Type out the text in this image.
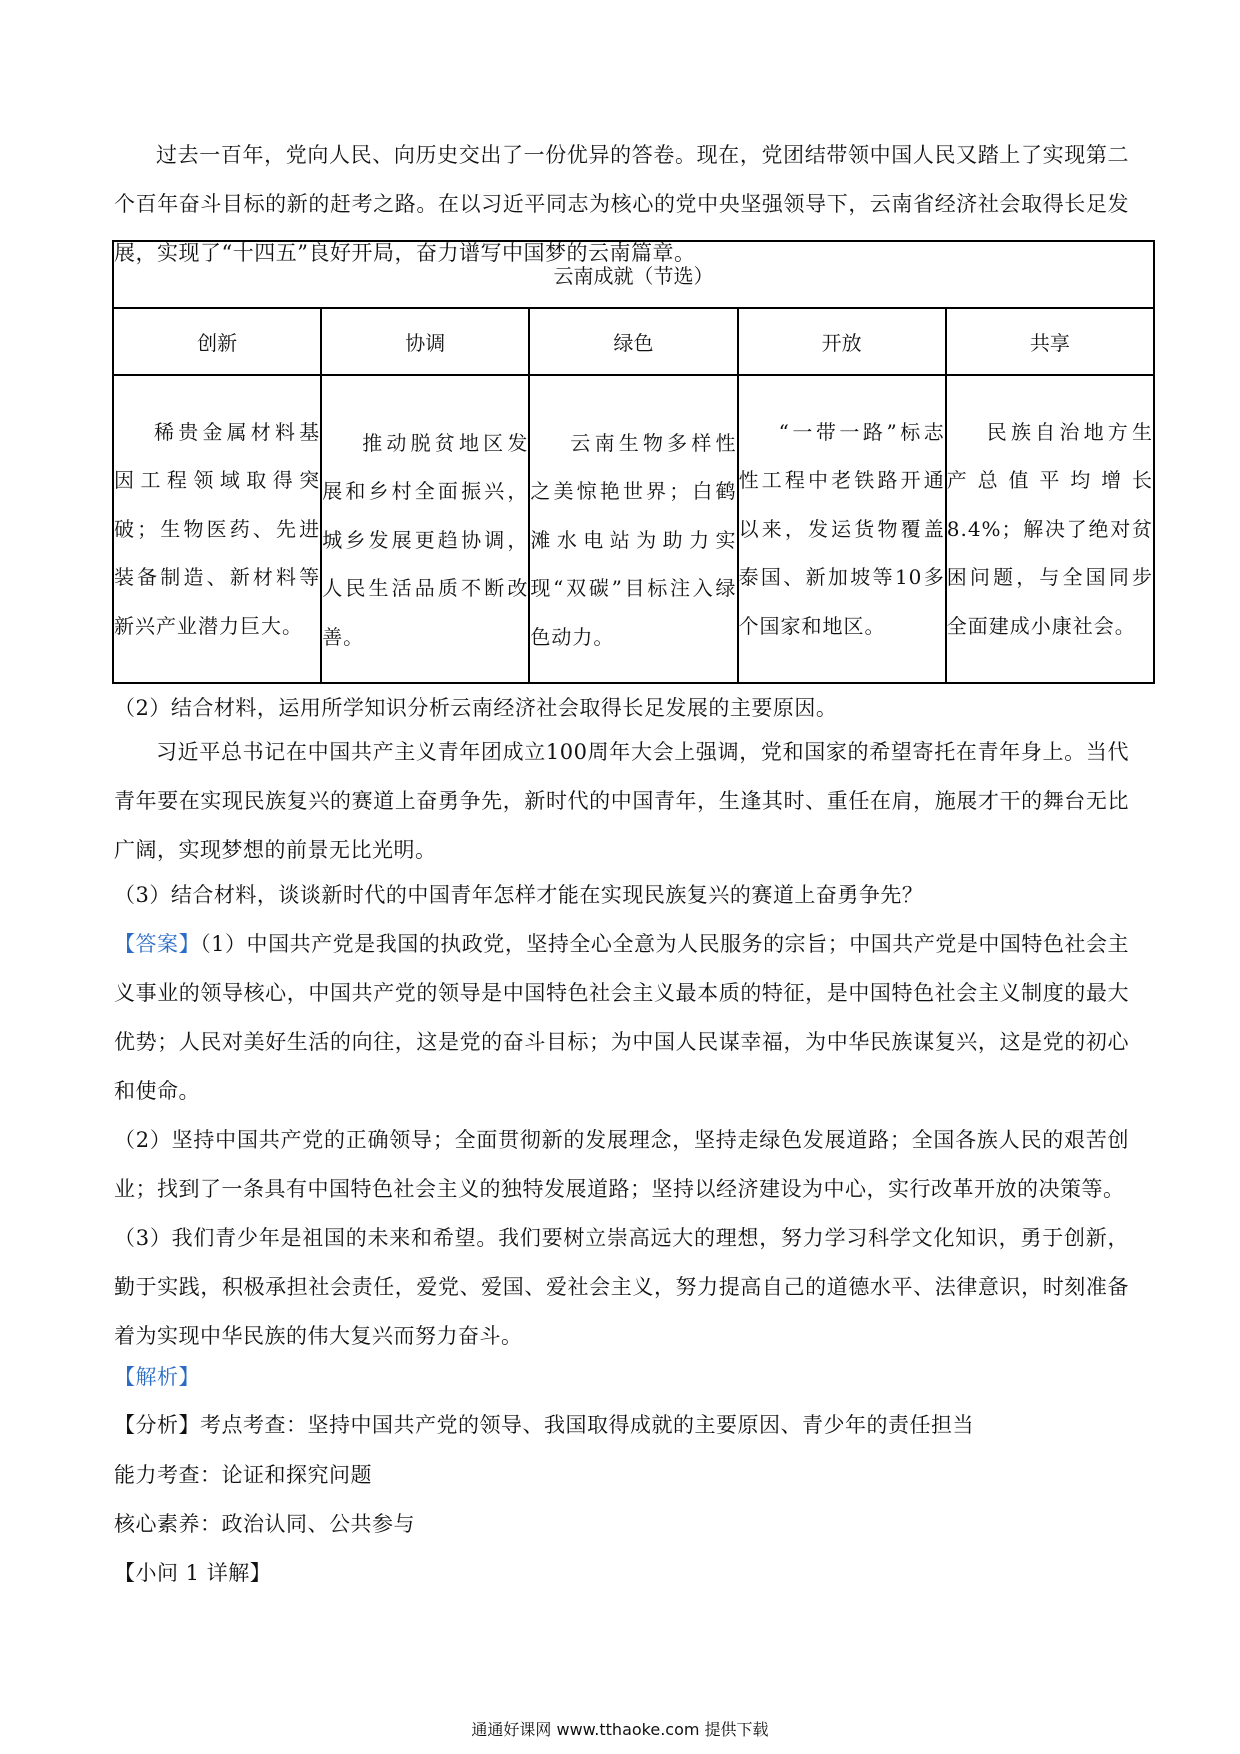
过去一百年，党向人民、向历史交出了一份优异的答卷。现在，党团结带领中国人民又踏上了实现第二个百年奋斗目标的新的赶考之路。在以习近平同志为核心的党中央坚强领导下，云南省经济社会取得长足发展，实现了“十四五”良好开局，奋力谱写中国梦的云南篇章。

云南成就（节选）				
创新	协调	绿色	开放	共享

稀贵金属材料基因工程领域取得突破；生物医药、先进装备制造、新材料等新兴产业潜力巨大。	推动脱贫地区发展和乡村全面振兴，城乡发展更趋协调，人民生活品质不断改善。	云南生物多样性之美惊艳世界；白鹤滩水电站为助力实现“双碳”目标注入绿色动力。	“一带一路”标志性工程中老铁路开通以来，发运货物覆盖泰国、新加坡等10多个国家和地区。	民族自治地方生产总值平均增长8.4%；解决了绝对贫困问题，与全国同步全面建成小康社会。

（2）结合材料，运用所学知识分析云南经济社会取得长足发展的主要原因。

习近平总书记在中国共产主义青年团成立100周年大会上强调，党和国家的希望寄托在青年身上。当代青年要在实现民族复兴的赛道上奋勇争先，新时代的中国青年，生逢其时、重任在肩，施展才干的舞台无比广阔，实现梦想的前景无比光明。

（3）结合材料，谈谈新时代的中国青年怎样才能在实现民族复兴的赛道上奋勇争先？

【答案】（1）中国共产党是我国的执政党，坚持全心全意为人民服务的宗旨；中国共产党是中国特色社会主义事业的领导核心，中国共产党的领导是中国特色社会主义最本质的特征，是中国特色社会主义制度的最大优势；人民对美好生活的向往，这是党的奋斗目标；为中国人民谋幸福，为中华民族谋复兴，这是党的初心和使命。

（2）坚持中国共产党的正确领导；全面贯彻新的发展理念，坚持走绿色发展道路；全国各族人民的艰苦创业；找到了一条具有中国特色社会主义的独特发展道路；坚持以经济建设为中心，实行改革开放的决策等。

（3）我们青少年是祖国的未来和希望。我们要树立崇高远大的理想，努力学习科学文化知识，勇于创新，勤于实践，积极承担社会责任，爱党、爱国、爱社会主义，努力提高自己的道德水平、法律意识，时刻准备着为实现中华民族的伟大复兴而努力奋斗。

【解析】

【分析】考点考查：坚持中国共产党的领导、我国取得成就的主要原因、青少年的责任担当

能力考查：论证和探究问题

核心素养：政治认同、公共参与

【小问 1 详解】

通通好课网 www.tthaoke.com 提供下载
